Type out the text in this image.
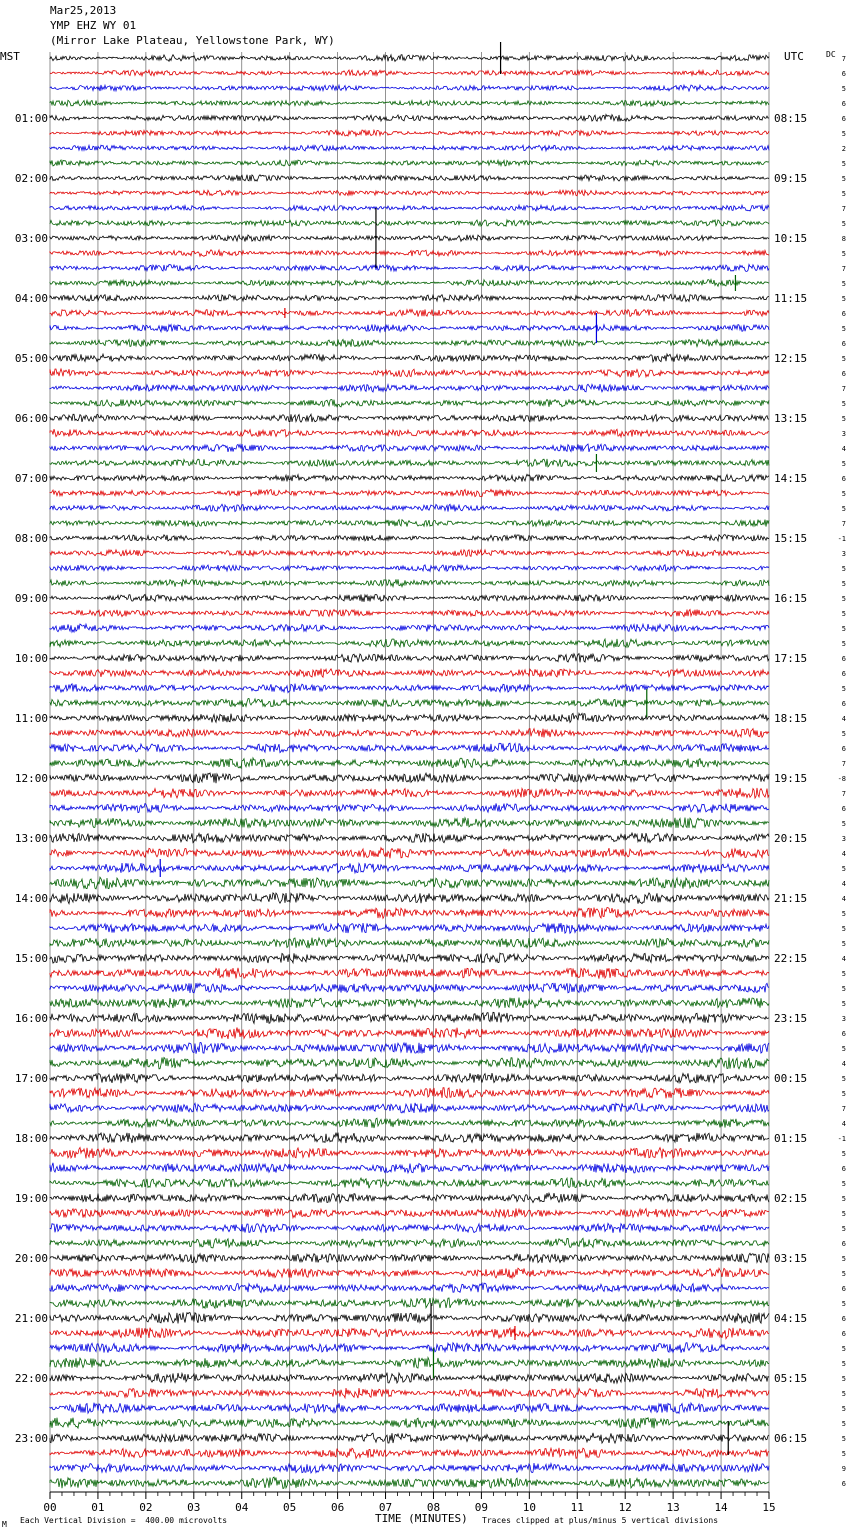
00	01	02	03	04	05	06	07	08	09	10	11	12	13	14	15
01:00
02:00
03:00
04:00
05:00
06:00
07:00
08:00
09:00
10:00
11:00
12:00
13:00
14:00
15:00
16:00
17:00
18:00
19:00
20:00
21:00
22:00
23:00
08:15
09:15
10:15
11:15
12:15
13:15
14:15
15:15
16:15
17:15
18:15
19:15
20:15
21:15
22:15
23:15
00:15
01:15
02:15
03:15
04:15
05:15
06:15
7
6
5
6
6
5
2
5
5
5
7
5
8
5
7
5
5
6
5
6
5
6
7
5
5
3
4
5
6
5
5
7
-1
3
5
5
5
5
5
5
6
6
5
6
4
5
6
7
-8
7
6
5
3
4
5
4
4
5
5
5
4
5
5
5
3
6
5
4
5
5
7
4
-1
5
6
5
5
5
5
6
5
5
6
5
6
6
5
5
5
5
5
5
5
5
9
6
Mar25,2013
YMP EHZ WY 01
(Mirror Lake Plateau, Yellowstone Park, WY)
MST	UTC	DC
M Each Vertical Division =  400.00 microvolts	TIME (MINUTES) Traces clipped at plus/minus 5 vertical divisions
